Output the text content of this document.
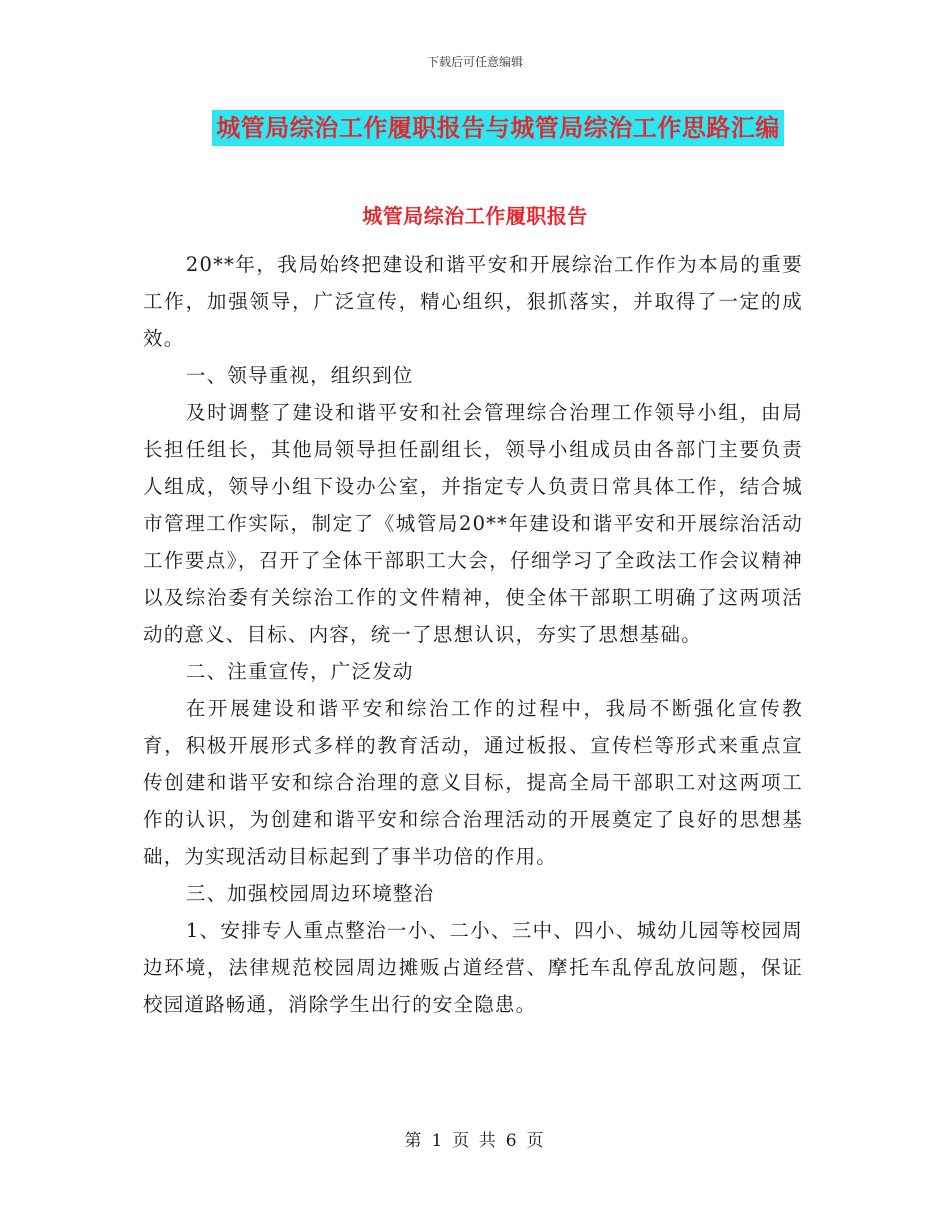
下载后可任意编辑
城管局综治工作履职报告与城管局综治工作思路汇编
城管局综治工作履职报告

20**年，我局始终把建设和谐平安和开展综治工作作为本局的重要工作，加强领导，广泛宣传，精心组织，狠抓落实，并取得了一定的成效。

一、领导重视，组织到位

及时调整了建设和谐平安和社会管理综合治理工作领导小组，由局长担任组长，其他局领导担任副组长，领导小组成员由各部门主要负责人组成，领导小组下设办公室，并指定专人负责日常具体工作，结合城市管理工作实际，制定了《城管局20**年建设和谐平安和开展综治活动工作要点》，召开了全体干部职工大会，仔细学习了全政法工作会议精神以及综治委有关综治工作的文件精神，使全体干部职工明确了这两项活动的意义、目标、内容，统一了思想认识，夯实了思想基础。

二、注重宣传，广泛发动

在开展建设和谐平安和综治工作的过程中，我局不断强化宣传教育，积极开展形式多样的教育活动，通过板报、宣传栏等形式来重点宣传创建和谐平安和综合治理的意义目标，提高全局干部职工对这两项工作的认识，为创建和谐平安和综合治理活动的开展奠定了良好的思想基础，为实现活动目标起到了事半功倍的作用。

三、加强校园周边环境整治

1、安排专人重点整治一小、二小、三中、四小、城幼儿园等校园周边环境，法律规范校园周边摊贩占道经营、摩托车乱停乱放问题，保证校园道路畅通，消除学生出行的安全隐患。

第 1 页 共 6 页
